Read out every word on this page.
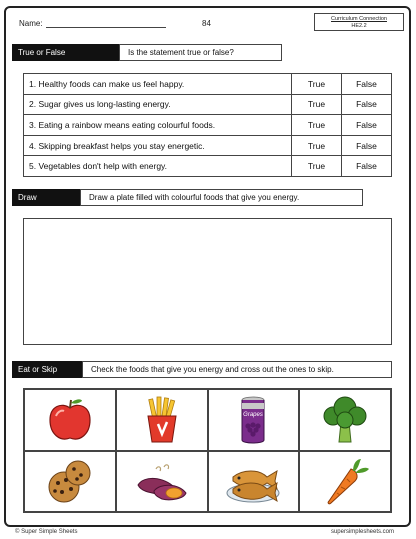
Name:	84	Curriculum Connection
HE2.2
True or False	Is the statement true or false?
1. Healthy foods can make us feel happy.	True	False
2. Sugar gives us long-lasting energy.	True	False
3. Eating a rainbow means eating colourful foods.	True	False
4. Skipping breakfast helps you stay energetic.	True	False
5. Vegetables don't help with energy.	True	False
Draw	Draw a plate filled with colourful foods that give you energy.
Eat or Skip	Check the foods that give you energy and cross out the ones to skip.
Grapes
© Super Simple Sheets	supersimplesheets.com
